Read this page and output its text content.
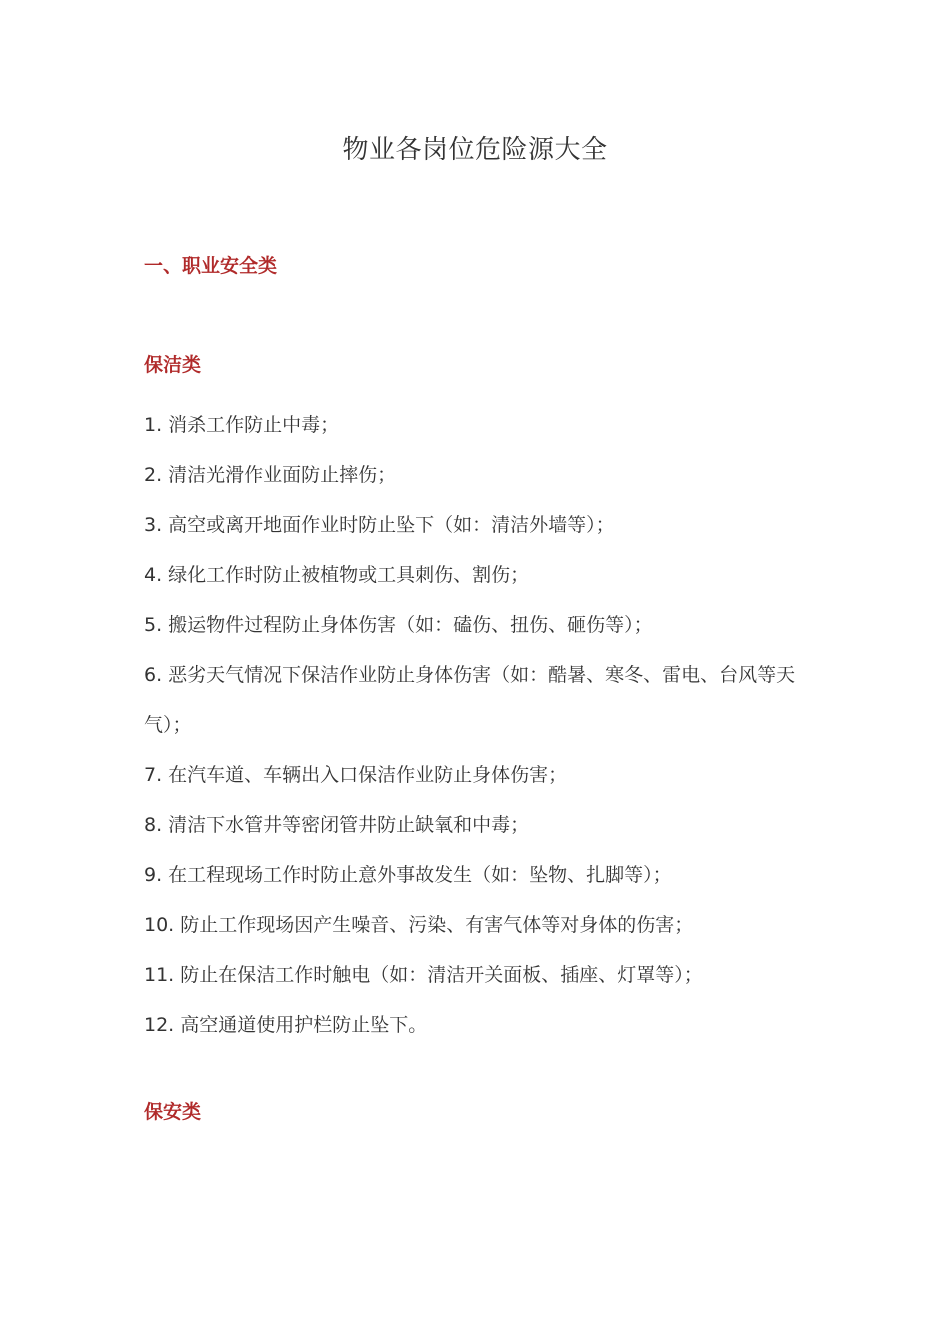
物业各岗位危险源大全
一、职业安全类
保洁类
1. 消杀工作防止中毒；
2. 清洁光滑作业面防止摔伤；
3. 高空或离开地面作业时防止坠下（如：清洁外墙等）；
4. 绿化工作时防止被植物或工具刺伤、割伤；
5. 搬运物件过程防止身体伤害（如：磕伤、扭伤、砸伤等）；
6. 恶劣天气情况下保洁作业防止身体伤害（如：酷暑、寒冬、雷电、台风等天气）；
7. 在汽车道、车辆出入口保洁作业防止身体伤害；
8. 清洁下水管井等密闭管井防止缺氧和中毒；
9. 在工程现场工作时防止意外事故发生（如：坠物、扎脚等）；
10. 防止工作现场因产生噪音、污染、有害气体等对身体的伤害；
11. 防止在保洁工作时触电（如：清洁开关面板、插座、灯罩等）；
12. 高空通道使用护栏防止坠下。
保安类
